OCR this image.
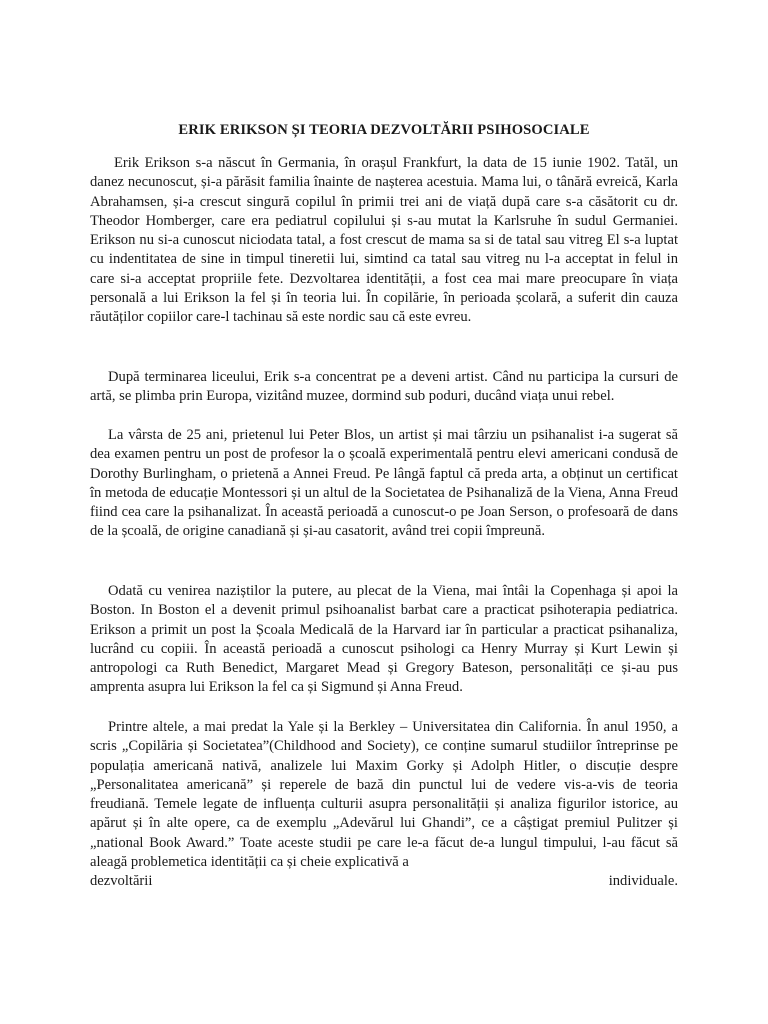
ERIK ERIKSON ȘI TEORIA DEZVOLTĂRII PSIHOSOCIALE

Erik Erikson s-a născut în Germania, în orașul Frankfurt, la data de 15 iunie 1902. Tatăl, un danez necunoscut, și-a părăsit familia înainte de nașterea acestuia. Mama lui, o tânără evreică, Karla Abrahamsen, și-a crescut singură copilul în primii trei ani de viață după care s-a căsătorit cu dr. Theodor Homberger, care era pediatrul copilului și s-au mutat la Karlsruhe în sudul Germaniei. Erikson nu si-a cunoscut niciodata tatal, a fost crescut de mama sa si de tatal sau vitreg El s-a luptat cu indentitatea de sine in timpul tineretii lui, simtind ca tatal sau vitreg nu l-a acceptat in felul in care si-a acceptat propriile fete. Dezvoltarea identității, a fost cea mai mare preocupare în viața personală a lui Erikson la fel și în teoria lui. În copilărie, în perioada școlară, a suferit din cauza răutăților copiilor care-l tachinau să este nordic sau că este evreu.

După terminarea liceului, Erik s-a concentrat pe a deveni artist. Când nu participa la cursuri de artă, se plimba prin Europa, vizitând muzee, dormind sub poduri, ducând viața unui rebel.

La vârsta de 25 ani, prietenul lui Peter Blos, un artist și mai târziu un psihanalist i-a sugerat să dea examen pentru un post de profesor la o școală experimentală pentru elevi americani condusă de Dorothy Burlingham, o prietenă a Annei Freud. Pe lângă faptul că preda arta, a obținut un certificat în metoda de educație Montessori și un altul de la Societatea de Psihanaliză de la Viena, Anna Freud fiind cea care la psihanalizat. În această perioadă a cunoscut-o pe Joan Serson, o profesoară de dans de la școală, de origine canadiană și și-au casatorit, având trei copii împreună.

Odată cu venirea naziștilor la putere, au plecat de la Viena, mai întâi la Copenhaga și apoi la Boston. In Boston el a devenit primul psihoanalist barbat care a practicat psihoterapia pediatrica. Erikson a primit un post la Școala Medicală de la Harvard iar în particular a practicat psihanaliza, lucrând cu copiii. În această perioadă a cunoscut psihologi ca Henry Murray și Kurt Lewin și antropologi ca Ruth Benedict, Margaret Mead și Gregory Bateson, personalități ce și-au pus amprenta asupra lui Erikson la fel ca și Sigmund și Anna Freud.

Printre altele, a mai predat la Yale și la Berkley – Universitatea din California. În anul 1950, a scris „Copilăria și Societatea”(Childhood and Society), ce conține sumarul studiilor întreprinse pe populația americană nativă, analizele lui Maxim Gorky și Adolph Hitler, o discuție despre „Personalitatea americană” și reperele de bază din punctul lui de vedere vis-a-vis de teoria freudiană. Temele legate de influența culturii asupra personalității și analiza figurilor istorice, au apărut și în alte opere, ca de exemplu „Adevărul lui Ghandi”, ce a câștigat premiul Pulitzer și „national Book Award.” Toate aceste studii pe care le-a făcut de-a lungul timpului, l-au făcut să aleagă problemetica identității ca și cheie explicativă a
dezvoltării	individuale.
